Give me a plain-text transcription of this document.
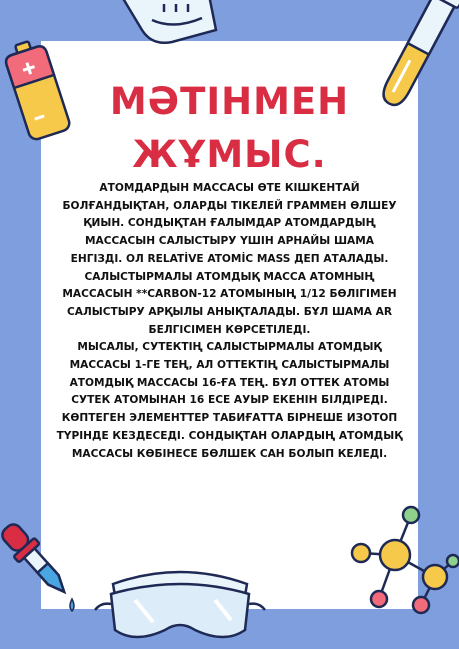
МӘТІНМЕН
ЖҰМЫС.

АТОМДАРДЫН МАССАСЫ ӨТЕ КІШКЕНТАЙ

БОЛҒАНДЫҚТАН, ОЛАРДЫ ТІКЕЛЕЙ ГРАММЕН ӨЛШЕУ

ҚИЫН. СОНДЫҚТАН ҒАЛЫМДАР АТОМДАРДЫҢ

МАССАСЫН САЛЫСТЫРУ ҮШІН АРНАЙЫ ШАМА

ЕНГІЗДІ. ОЛ RELATİVE ATOMİC MASS ДЕП АТАЛАДЫ.

САЛЫСТЫРМАЛЫ АТОМДЫҚ МАССА АТОМНЫҢ

МАССАСЫН **CARBON-12 АТОМЫНЫҢ 1/12 БӨЛІГІМЕН

САЛЫСТЫРУ АРҚЫЛЫ АНЫҚТАЛАДЫ. БҰЛ ШАМА AR

БЕЛГІСІМЕН КӨРСЕТІЛЕДІ.

МЫСАЛЫ, СУТЕКТІҢ САЛЫСТЫРМАЛЫ АТОМДЫҚ

МАССАСЫ 1-ГЕ ТЕҢ, АЛ ОТТЕКТІҢ САЛЫСТЫРМАЛЫ

АТОМДЫҚ МАССАСЫ 16-ҒА ТЕҢ. БҰЛ ОТТЕК АТОМЫ

СУТЕК АТОМЫНАН 16 ЕСЕ АУЫР ЕКЕНІН БІЛДІРЕДІ.

КӨПТЕГЕН ЭЛЕМЕНТТЕР ТАБИҒАТТА БІРНЕШЕ ИЗОТОП

ТҮРІНДЕ КЕЗДЕСЕДІ. СОНДЫҚТАН ОЛАРДЫҢ АТОМДЫҚ

МАССАСЫ КӨБІНЕСЕ БӨЛШЕК САН БОЛЫП КЕЛЕДІ.
